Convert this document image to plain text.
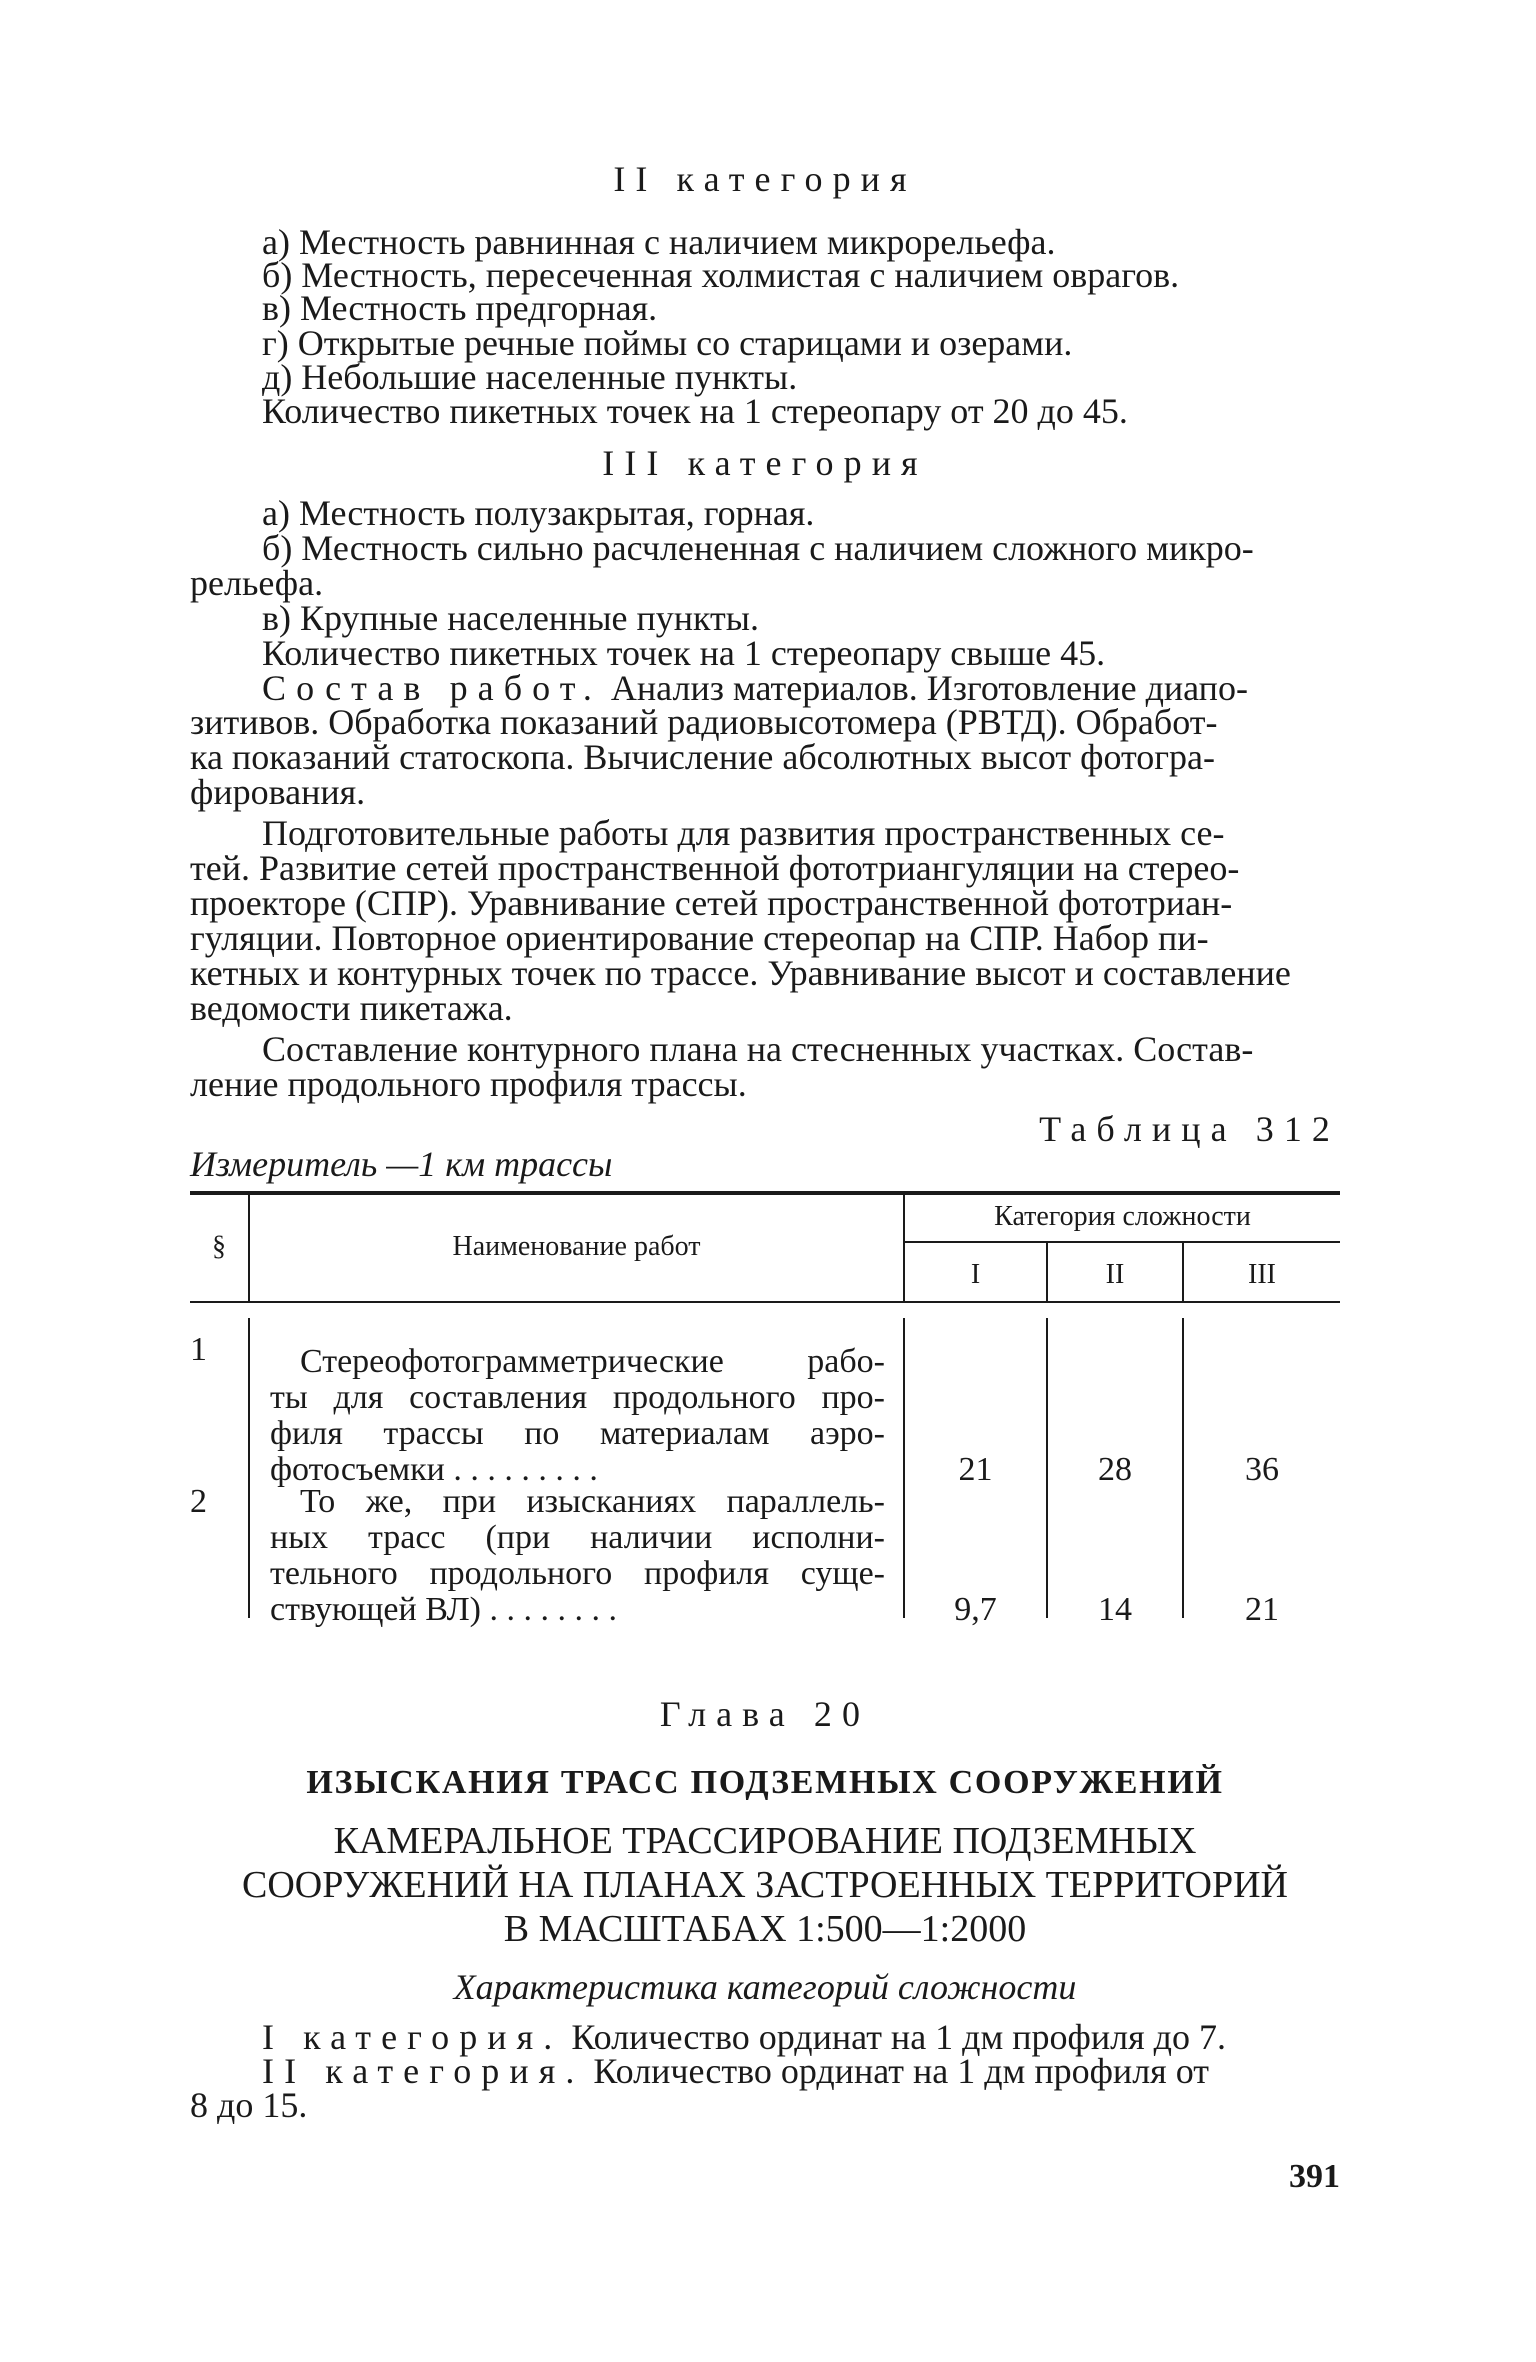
II категория
а) Местность равнинная с наличием микрорельефа.
б) Местность, пересеченная холмистая с наличием оврагов.
в) Местность предгорная.
г) Открытые речные поймы со старицами и озерами.
д) Небольшие населенные пункты.
Количество пикетных точек на 1 стереопару от 20 до 45.
III категория
а) Местность полузакрытая, горная.
б) Местность сильно расчлененная с наличием сложного микро-
рельефа.
в) Крупные населенные пункты.
Количество пикетных точек на 1 стереопару свыше 45.
Состав работ. Анализ материалов. Изготовление диапо-
зитивов. Обработка показаний радиовысотомера (РВТД). Обработ-
ка показаний статоскопа. Вычисление абсолютных высот фотогра-
фирования.
Подготовительные работы для развития пространственных се-
тей. Развитие сетей пространственной фототриангуляции на стерео-
проекторе (СПР). Уравнивание сетей пространственной фототриан-
гуляции. Повторное ориентирование стереопар на СПР. Набор пи-
кетных и контурных точек по трассе. Уравнивание высот и составление
ведомости пикетажа.
Составление контурного плана на стесненных участках. Состав-
ление продольного профиля трассы.
Таблица 312
Измеритель —1 км трассы
§	Наименование работ
Категория сложности
I	II	III
1	Стереофотограмметрические рабо-
ты для составления продольного про-
филя трассы по материалам аэро-
фотосъемки . . . . . . . . .	21	28	36
2	То же, при изысканиях параллель-
ных трасс (при наличии исполни-
тельного продольного профиля суще-
ствующей ВЛ) . . . . . . . .	9,7	14	21
Глава 20
ИЗЫСКАНИЯ ТРАСС ПОДЗЕМНЫХ СООРУЖЕНИЙ
КАМЕРАЛЬНОЕ ТРАССИРОВАНИЕ ПОДЗЕМНЫХ
СООРУЖЕНИЙ НА ПЛАНАХ ЗАСТРОЕННЫХ ТЕРРИТОРИЙ
В МАСШТАБАХ 1:500—1:2000
Характеристика категорий сложности
I категория. Количество ординат на 1 дм профиля до 7.
II категория. Количество ординат на 1 дм профиля от
8 до 15.
391
